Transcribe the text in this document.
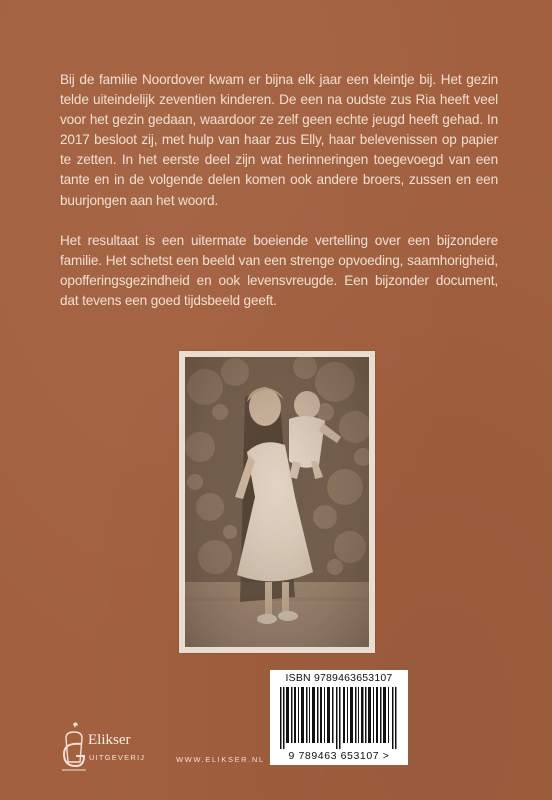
Bij de familie Noordover kwam er bijna elk jaar een kleintje bij. Het gezin telde uiteindelijk zeventien kinderen. De een na oudste zus Ria heeft veel voor het gezin gedaan, waardoor ze zelf geen echte jeugd heeft gehad. In 2017 besloot zij, met hulp van haar zus Elly, haar belevenissen op papier te zetten. In het eerste deel zijn wat herinneringen toegevoegd van een tante en in de volgende delen komen ook andere broers, zussen en een buurjongen aan het woord.

Het resultaat is een uitermate boeiende vertelling over een bijzondere familie. Het schetst een beeld van een strenge opvoeding, saamhorigheid, opofferingsgezindheid en ook levensvreugde. Een bijzonder document, dat tevens een goed tijdsbeeld geeft.

ISBN 9789463653107
9 789463 653107 >
Elikser
UITGEVERIJ	WWW.ELIKSER.NL
